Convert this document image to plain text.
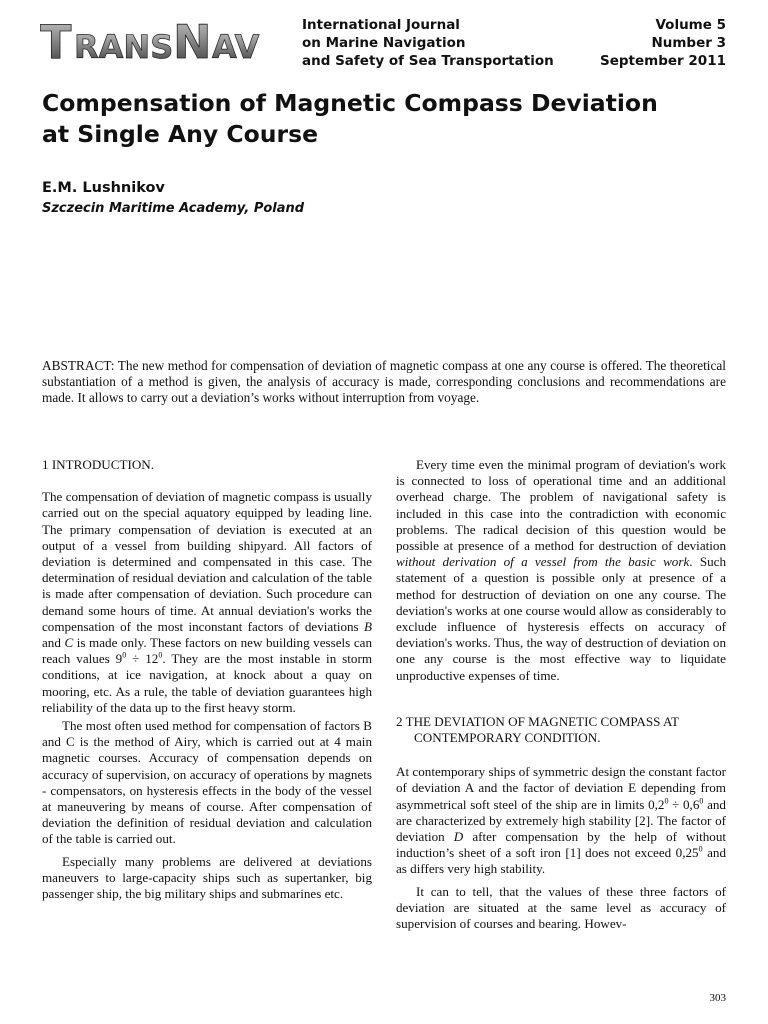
T RANS N AV
International Journal
on Marine Navigation
and Safety of Sea Transportation
Volume 5
Number 3
September 2011
Compensation of Magnetic Compass Deviation
at Single Any Course
E.M. Lushnikov
Szczecin Maritime Academy, Poland

ABSTRACT: The new method for compensation of deviation of magnetic compass at one any course is offered. The theoretical substantiation of a method is given, the analysis of accuracy is made, corresponding conclusions and recommendations are made. It allows to carry out a deviation’s works without interruption from voyage.

1 INTRODUCTION.

The compensation of deviation of magnetic compass is usually carried out on the special aquatory equipped by leading line. The primary compensation of deviation is executed at an output of a vessel from building shipyard. All factors of deviation is determined and compensated in this case. The determination of residual deviation and calculation of the table is made after compensation of deviation. Such procedure can demand some hours of time. At annual deviation's works the compensation of the most inconstant factors of deviations B and C is made only. These factors on new building vessels can reach values $9^0 \div 12^0$. They are the most instable in storm conditions, at ice navigation, at knock about a quay on mooring, etc. As a rule, the table of deviation guarantees high reliability of the data up to the first heavy storm.

The most often used method for compensation of factors B and C is the method of Airy, which is carried out at 4 main magnetic courses. Accuracy of compensation depends on accuracy of supervision, on accuracy of operations by magnets - compensators, on hysteresis effects in the body of the vessel at maneuvering by means of course. After compensation of deviation the definition of residual deviation and calculation of the table is carried out.

Especially many problems are delivered at deviations maneuvers to large-capacity ships such as supertanker, big passenger ship, the big military ships and submarines etc.

Every time even the minimal program of deviation's work is connected to loss of operational time and an additional overhead charge. The problem of navigational safety is included in this case into the contradiction with economic problems. The radical decision of this question would be possible at presence of a method for destruction of deviation without derivation of a vessel from the basic work. Such statement of a question is possible only at presence of a method for destruction of deviation on one any course. The deviation's works at one course would allow as considerably to exclude influence of hysteresis effects on accuracy of deviation's works. Thus, the way of destruction of deviation on one any course is the most effective way to liquidate unproductive expenses of time.

2 THE DEVIATION OF MAGNETIC COMPASS AT CONTEMPORARY CONDITION.

At contemporary ships of symmetric design the constant factor of deviation A and the factor of deviation E depending from asymmetrical soft steel of the ship are in limits $0,2^0 \div 0,6^0$ and are characterized by extremely high stability [2]. The factor of deviation D after compensation by the help of without induction’s sheet of a soft iron [1] does not exceed 0,25$^0$ and as differs very high stability.

It can to tell, that the values of these three factors of deviation are situated at the same level as accuracy of supervision of courses and bearing. Howev-

303
